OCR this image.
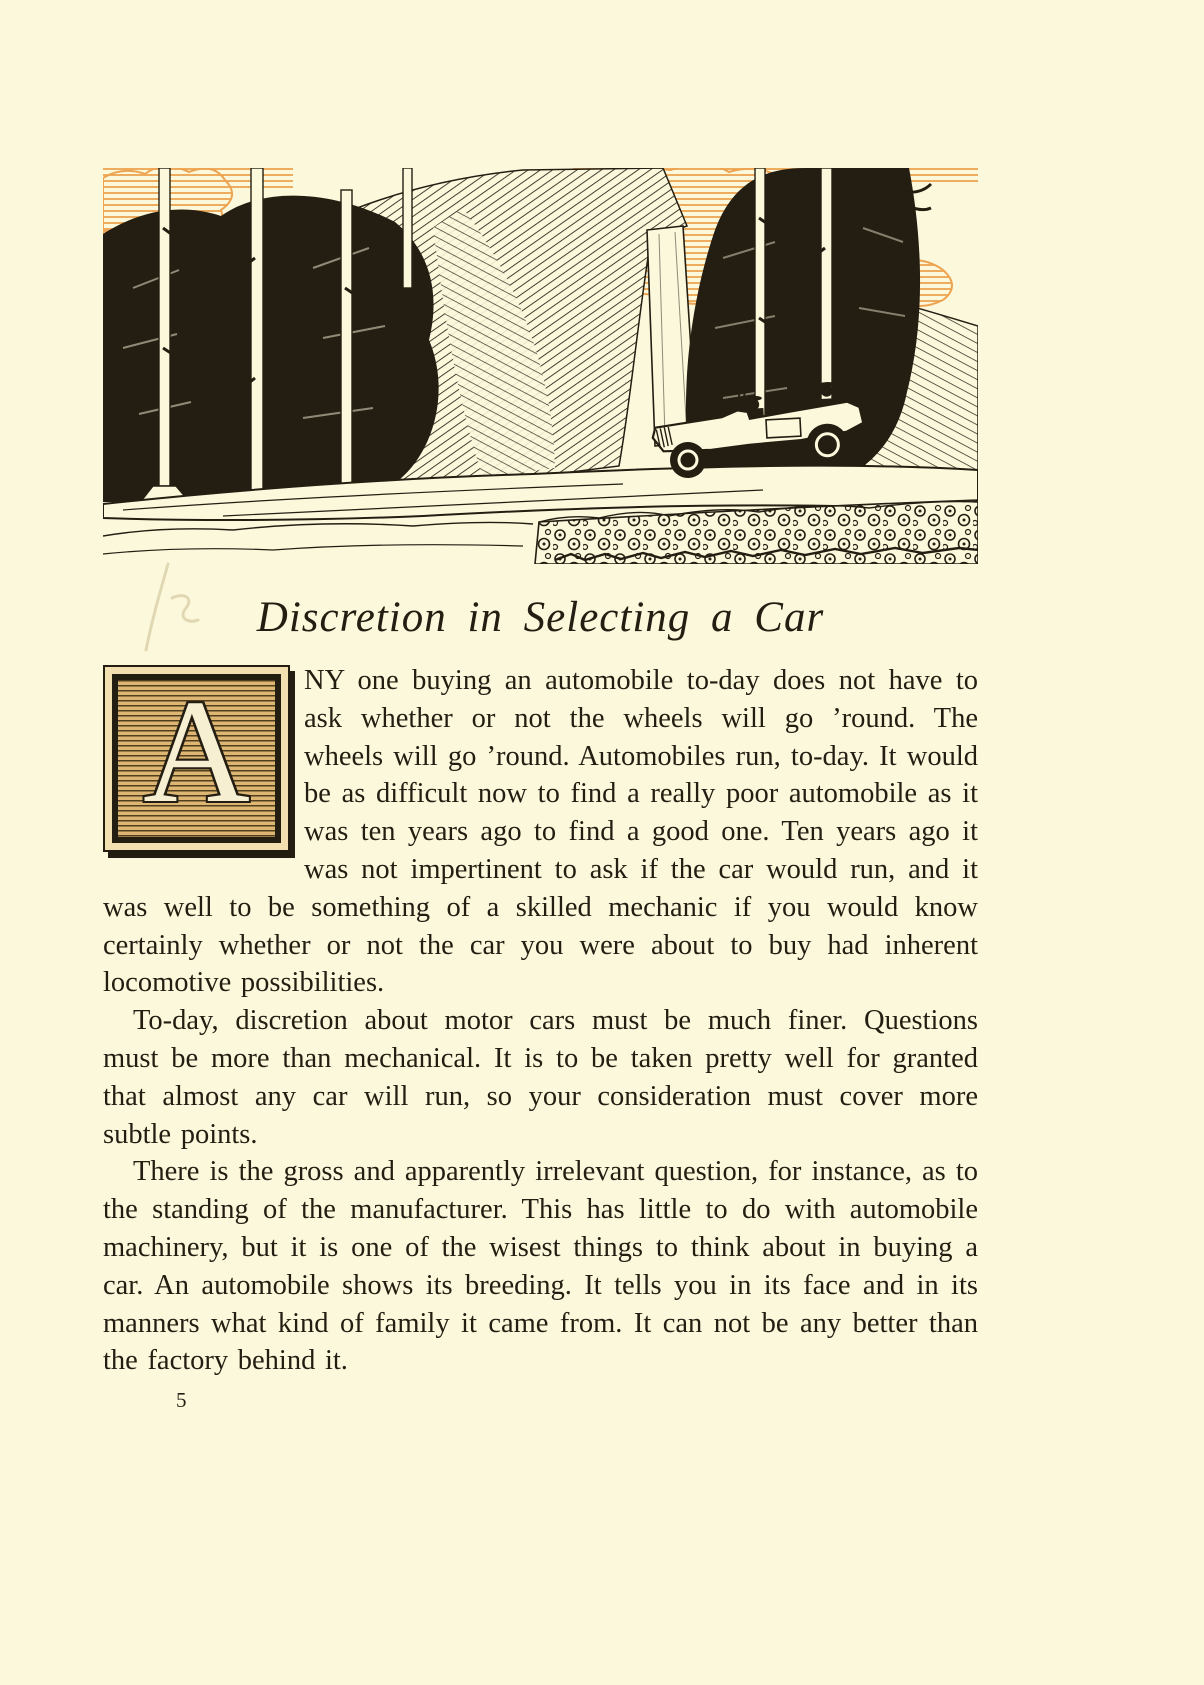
Discretion in Selecting a Car

A NY one buying an automobile to-day does not have to ask whether or not the wheels will go ’round. The wheels will go ’round. Automobiles run, to-day. It would be as difficult now to find a really poor automobile as it was ten years ago to find a good one. Ten years ago it was not impertinent to ask if the car would run, and it was well to be something of a skilled mechanic if you would know certainly whether or not the car you were about to buy had inherent locomotive possibilities.

To-day, discretion about motor cars must be much finer. Questions must be more than mechanical. It is to be taken pretty well for granted that almost any car will run, so your consideration must cover more subtle points.

There is the gross and apparently irrelevant question, for instance, as to the standing of the manufacturer. This has little to do with automobile machinery, but it is one of the wisest things to think about in buying a car. An automobile shows its breeding. It tells you in its face and in its manners what kind of family it came from. It can not be any better than the factory behind it.

5
